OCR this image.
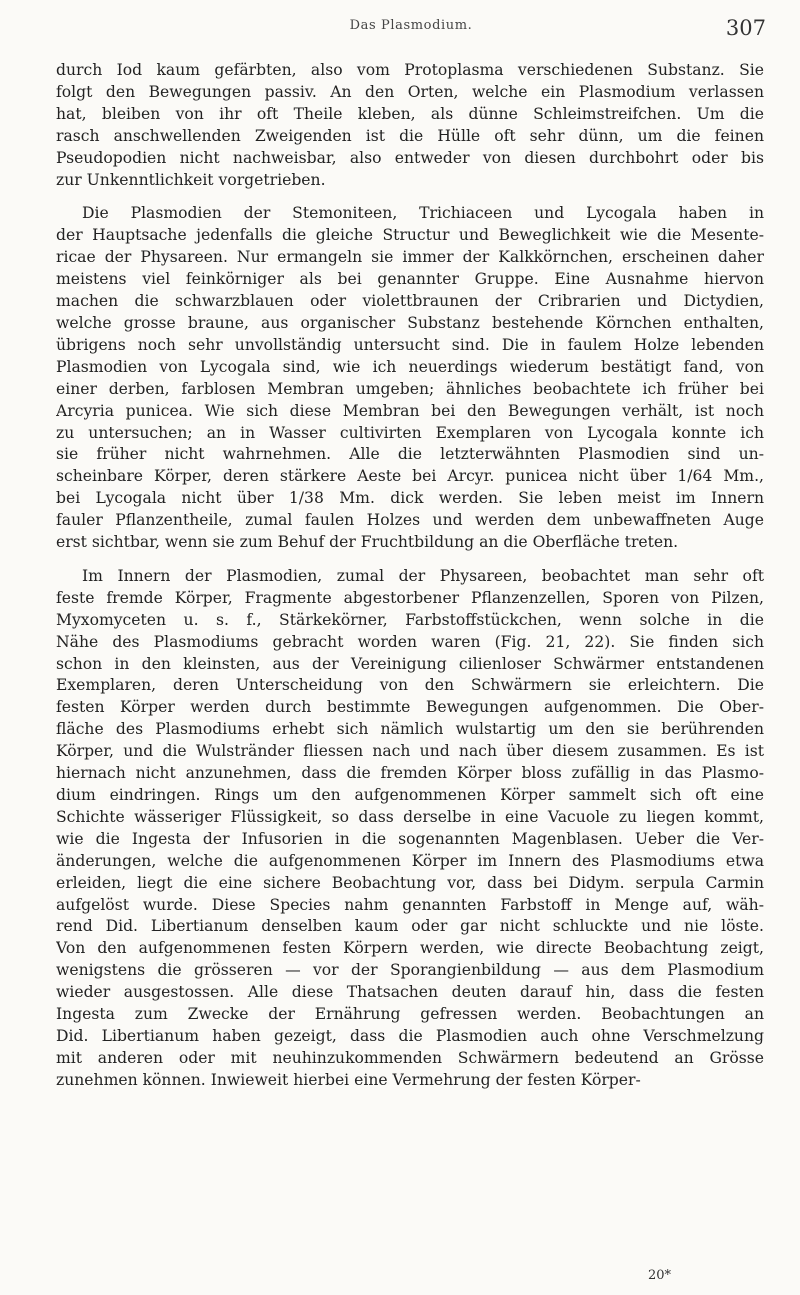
Das Plasmodium.	307
durch Iod kaum gefärbten, also vom Protoplasma verschiedenen Substanz. Sie
folgt den Bewegungen passiv. An den Orten, welche ein Plasmodium verlassen
hat, bleiben von ihr oft Theile kleben, als dünne Schleimstreifchen. Um die
rasch anschwellenden Zweigenden ist die Hülle oft sehr dünn, um die feinen
Pseudopodien nicht nachweisbar, also entweder von diesen durchbohrt oder bis
zur Unkenntlichkeit vorgetrieben.
Die Plasmodien der Stemoniteen, Trichiaceen und Lycogala haben in
der Hauptsache jedenfalls die gleiche Structur und Beweglichkeit wie die Mesente-
ricae der Physareen. Nur ermangeln sie immer der Kalkkörnchen, erscheinen daher
meistens viel feinkörniger als bei genannter Gruppe. Eine Ausnahme hiervon
machen die schwarzblauen oder violettbraunen der Cribrarien und Dictydien,
welche grosse braune, aus organischer Substanz bestehende Körnchen enthalten,
übrigens noch sehr unvollständig untersucht sind. Die in faulem Holze lebenden
Plasmodien von Lycogala sind, wie ich neuerdings wiederum bestätigt fand, von
einer derben, farblosen Membran umgeben; ähnliches beobachtete ich früher bei
Arcyria punicea. Wie sich diese Membran bei den Bewegungen verhält, ist noch
zu untersuchen; an in Wasser cultivirten Exemplaren von Lycogala konnte ich
sie früher nicht wahrnehmen. Alle die letzterwähnten Plasmodien sind un-
scheinbare Körper, deren stärkere Aeste bei Arcyr. punicea nicht über 1/64 Mm.,
bei Lycogala nicht über 1/38 Mm. dick werden. Sie leben meist im Innern
fauler Pflanzentheile, zumal faulen Holzes und werden dem unbewaffneten Auge
erst sichtbar, wenn sie zum Behuf der Fruchtbildung an die Oberfläche treten.
Im Innern der Plasmodien, zumal der Physareen, beobachtet man sehr oft
feste fremde Körper, Fragmente abgestorbener Pflanzenzellen, Sporen von Pilzen,
Myxomyceten u. s. f., Stärkekörner, Farbstoffstückchen, wenn solche in die
Nähe des Plasmodiums gebracht worden waren (Fig. 21, 22). Sie finden sich
schon in den kleinsten, aus der Vereinigung cilienloser Schwärmer entstandenen
Exemplaren, deren Unterscheidung von den Schwärmern sie erleichtern. Die
festen Körper werden durch bestimmte Bewegungen aufgenommen. Die Ober-
fläche des Plasmodiums erhebt sich nämlich wulstartig um den sie berührenden
Körper, und die Wulstränder fliessen nach und nach über diesem zusammen. Es ist
hiernach nicht anzunehmen, dass die fremden Körper bloss zufällig in das Plasmo-
dium eindringen. Rings um den aufgenommenen Körper sammelt sich oft eine
Schichte wässeriger Flüssigkeit, so dass derselbe in eine Vacuole zu liegen kommt,
wie die Ingesta der Infusorien in die sogenannten Magenblasen. Ueber die Ver-
änderungen, welche die aufgenommenen Körper im Innern des Plasmodiums etwa
erleiden, liegt die eine sichere Beobachtung vor, dass bei Didym. serpula Carmin
aufgelöst wurde. Diese Species nahm genannten Farbstoff in Menge auf, wäh-
rend Did. Libertianum denselben kaum oder gar nicht schluckte und nie löste.
Von den aufgenommenen festen Körpern werden, wie directe Beobachtung zeigt,
wenigstens die grösseren — vor der Sporangienbildung — aus dem Plasmodium
wieder ausgestossen. Alle diese Thatsachen deuten darauf hin, dass die festen
Ingesta zum Zwecke der Ernährung gefressen werden. Beobachtungen an
Did. Libertianum haben gezeigt, dass die Plasmodien auch ohne Verschmelzung
mit anderen oder mit neuhinzukommenden Schwärmern bedeutend an Grösse
zunehmen können. Inwieweit hierbei eine Vermehrung der festen Körper-
20*
